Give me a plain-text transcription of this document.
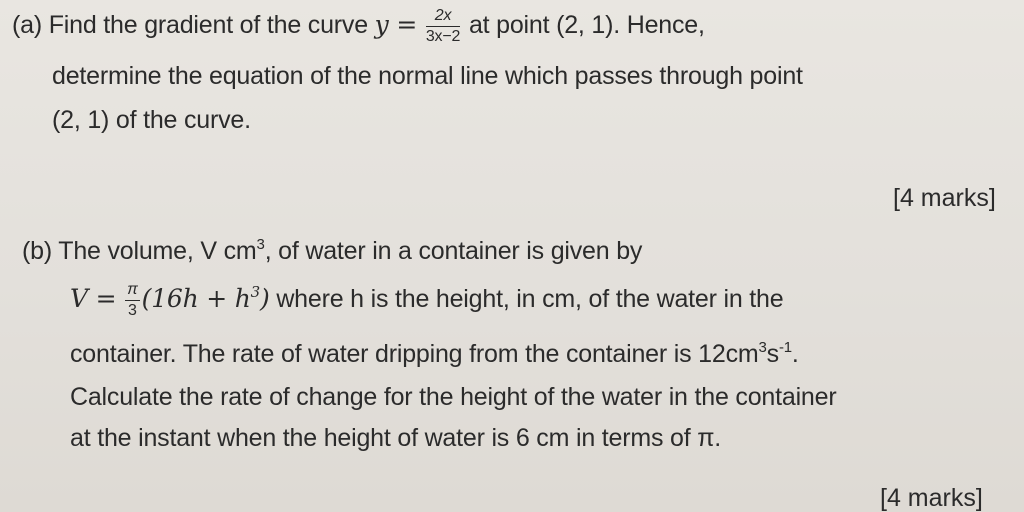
(a) Find the gradient of the curve $y = \frac{2x}{3x-2}$ at point (2, 1). Hence,
determine the equation of the normal line which passes through point
(2, 1) of the curve.
[4 marks]
(b) The volume, V $cm^3$, of water in a container is given by
$V = \frac{\pi}{3} (16h + h^3)$ where h is the height, in cm, of the water in the
container. The rate of water dripping from the container is $12cm^3s^{-1}$.
Calculate the rate of change for the height of the water in the container
at the instant when the height of water is 6 cm in terms of π.
[4 marks]
